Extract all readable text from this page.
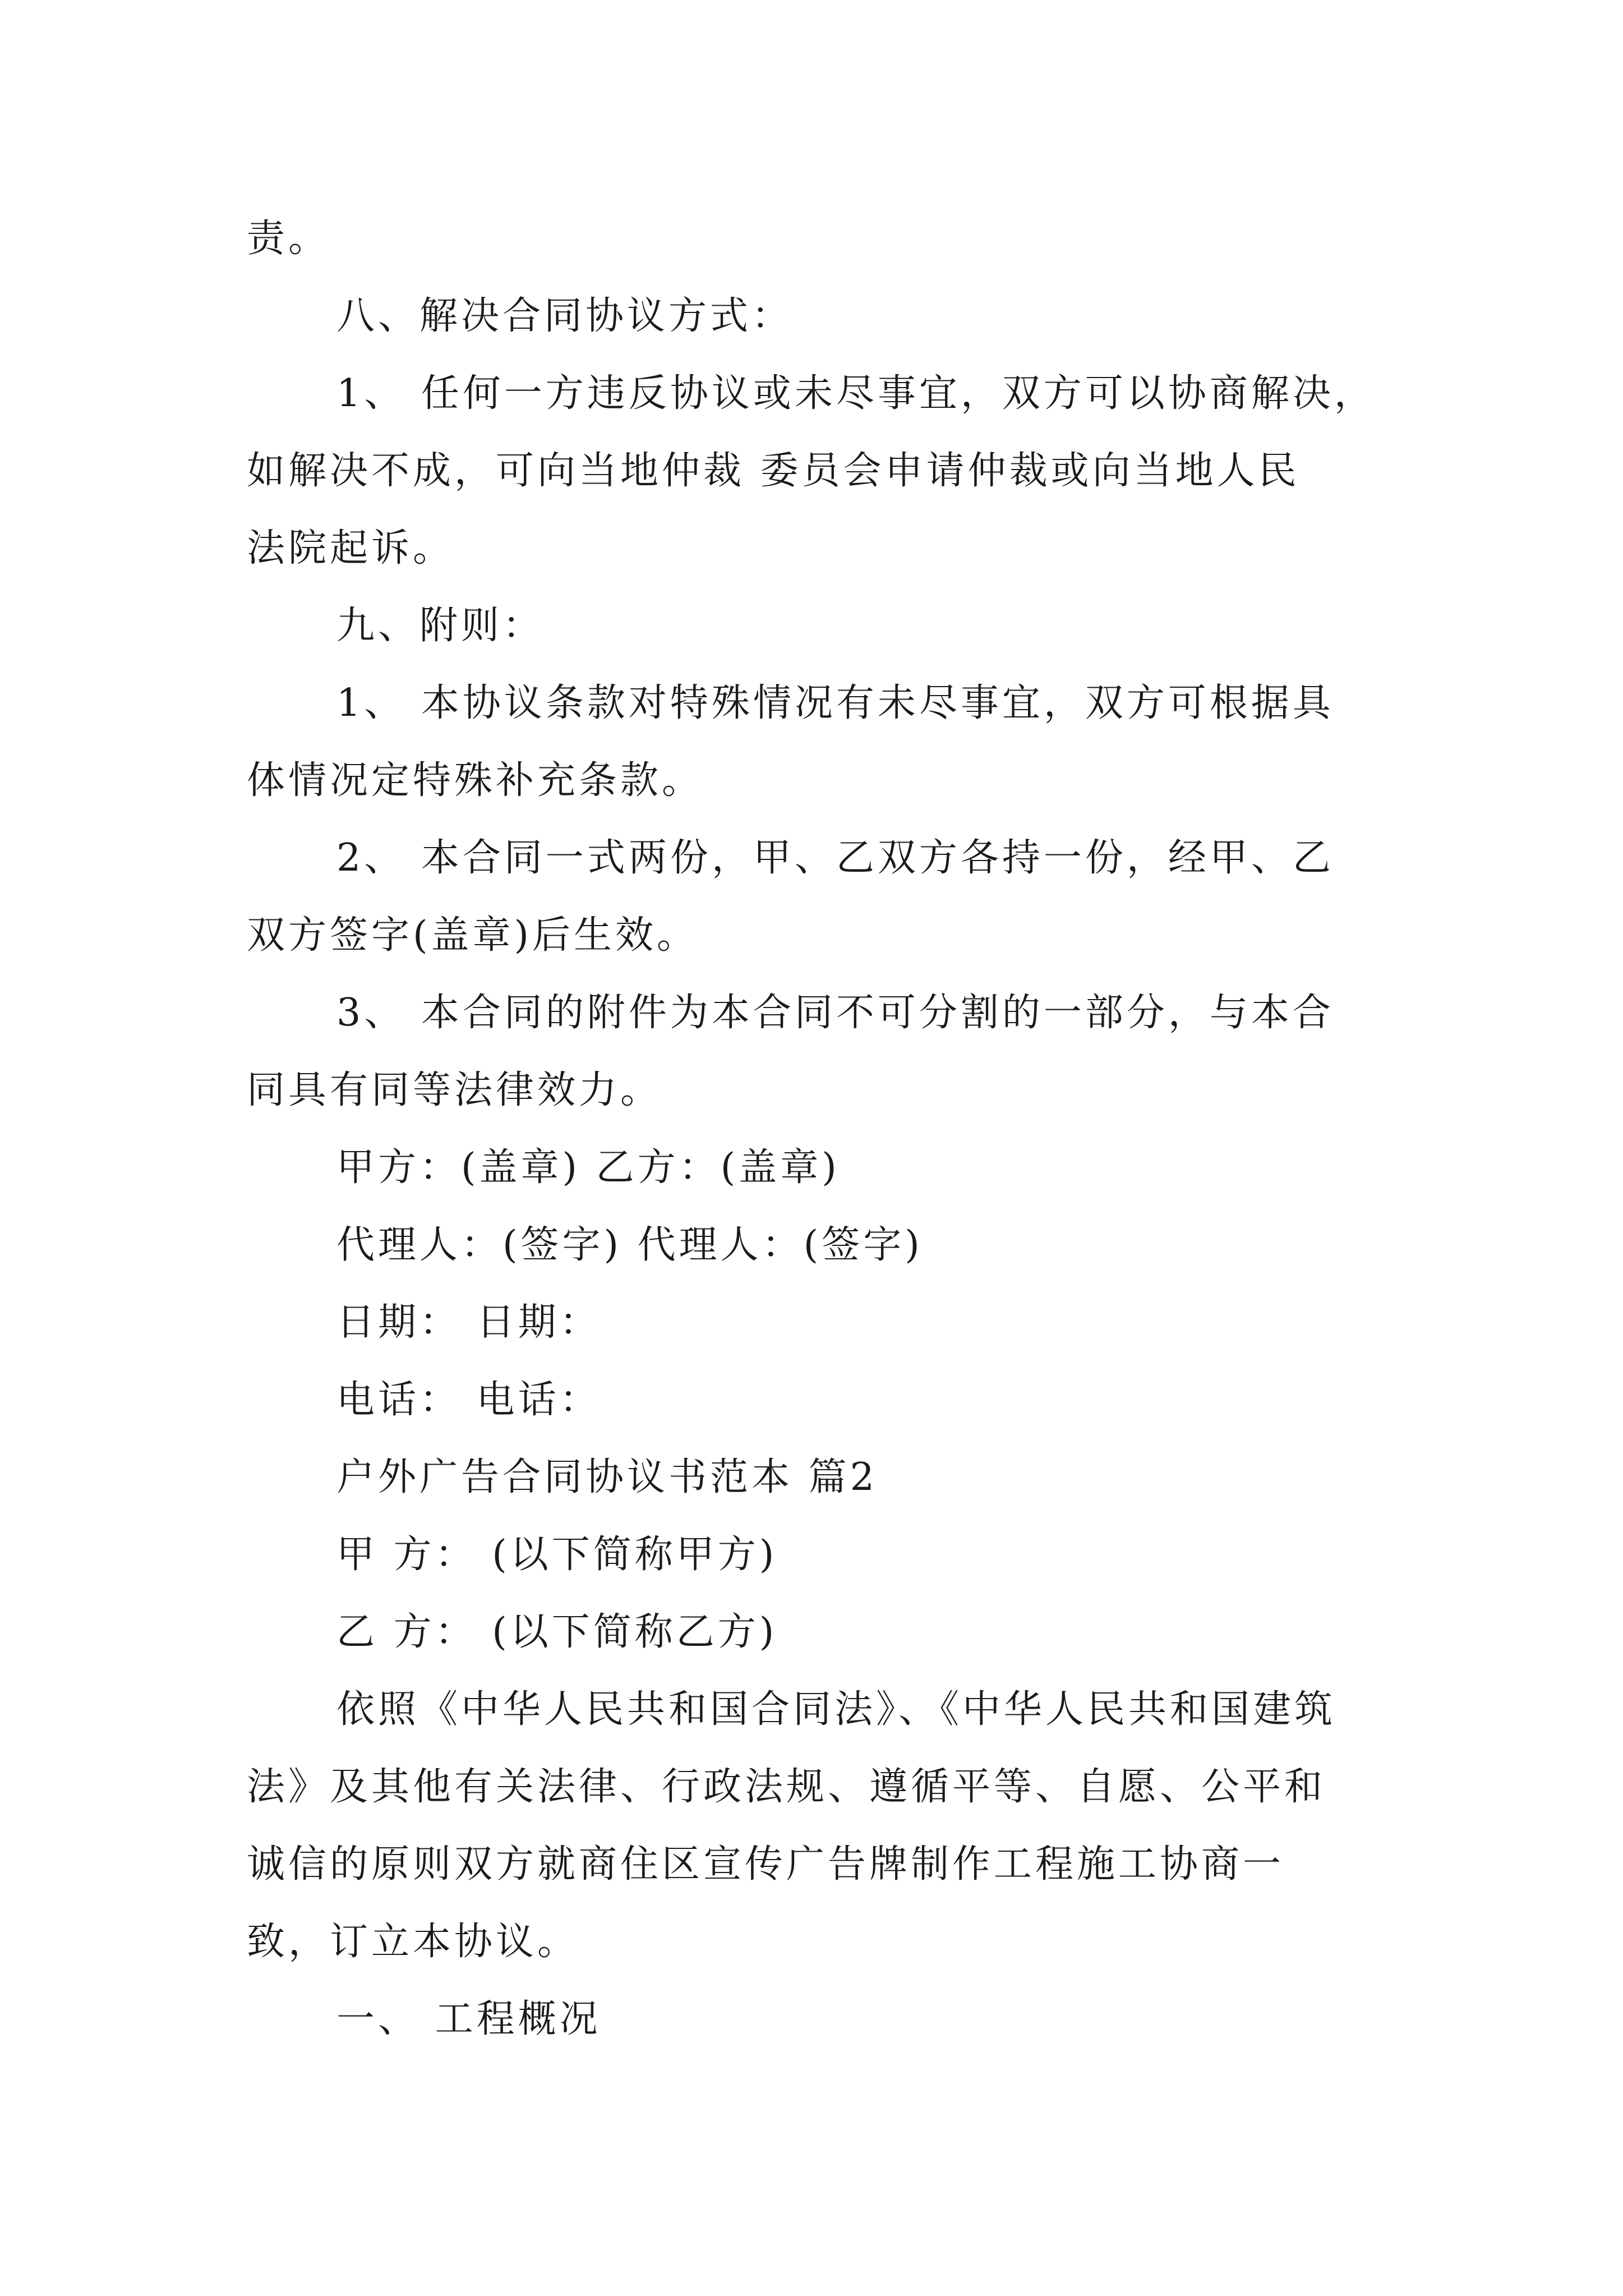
责。
八、解决合同协议方式：
1、 任何一方违反协议或未尽事宜，双方可以协商解决，
如解决不成，可向当地仲裁 委员会申请仲裁或向当地人民
法院起诉。
九、附则：
1、 本协议条款对特殊情况有未尽事宜，双方可根据具
体情况定特殊补充条款。
2、 本合同一式两份，甲、乙双方各持一份，经甲、乙
双方签字(盖章)后生效。
3、 本合同的附件为本合同不可分割的一部分，与本合
同具有同等法律效力。
甲方：(盖章) 乙方：(盖章)
代理人：(签字) 代理人：(签字)
日期： 日期：
电话： 电话：
户外广告合同协议书范本 篇2
甲 方： (以下简称甲方)
乙 方： (以下简称乙方)
依照《中华人民共和国合同法》、《中华人民共和国建筑
法》及其他有关法律、行政法规、遵循平等、自愿、公平和
诚信的原则双方就商住区宣传广告牌制作工程施工协商一
致，订立本协议。
一、 工程概况
